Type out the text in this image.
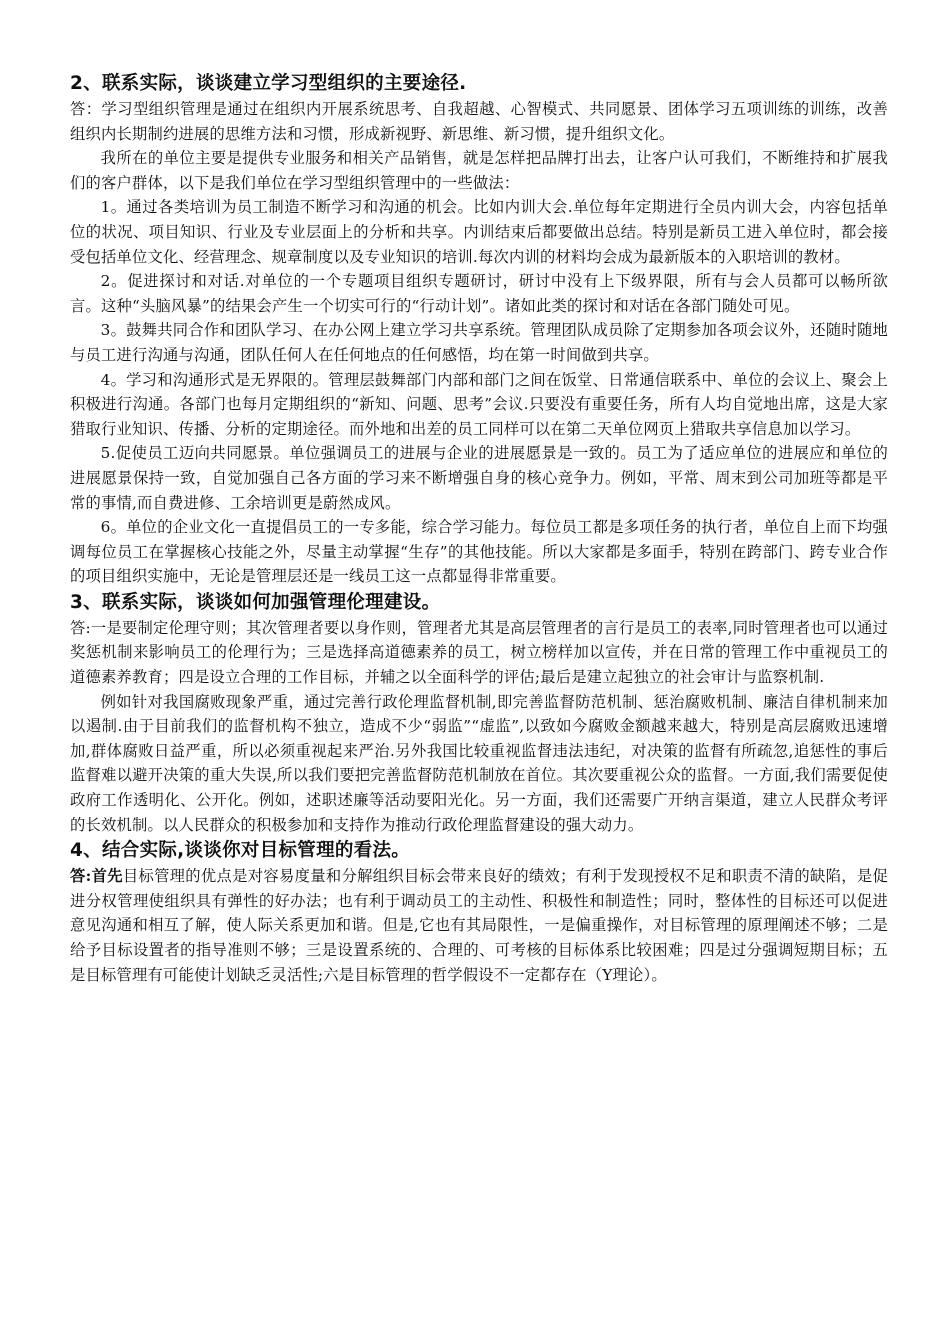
2、联系实际，谈谈建立学习型组织的主要途径.

答：学习型组织管理是通过在组织内开展系统思考、自我超越、心智模式、共同愿景、团体学习五项训练的训练，改善组织内长期制约进展的思维方法和习惯，形成新视野、新思维、新习惯，提升组织文化。

我所在的单位主要是提供专业服务和相关产品销售，就是怎样把品牌打出去，让客户认可我们，不断维持和扩展我们的客户群体，以下是我们单位在学习型组织管理中的一些做法：

1。通过各类培训为员工制造不断学习和沟通的机会。比如内训大会.单位每年定期进行全员内训大会，内容包括单位的状况、项目知识、行业及专业层面上的分析和共享。内训结束后都要做出总结。特别是新员工进入单位时，都会接受包括单位文化、经营理念、规章制度以及专业知识的培训.每次内训的材料均会成为最新版本的入职培训的教材。

2。促进探讨和对话.对单位的一个专题项目组织专题研讨，研讨中没有上下级界限，所有与会人员都可以畅所欲言。这种“头脑风暴”的结果会产生一个切实可行的“行动计划”。诸如此类的探讨和对话在各部门随处可见。

3。鼓舞共同合作和团队学习、在办公网上建立学习共享系统。管理团队成员除了定期参加各项会议外，还随时随地与员工进行沟通与沟通，团队任何人在任何地点的任何感悟，均在第一时间做到共享。

4。学习和沟通形式是无界限的。管理层鼓舞部门内部和部门之间在饭堂、日常通信联系中、单位的会议上、聚会上积极进行沟通。各部门也每月定期组织的“新知、问题、思考”会议.只要没有重要任务，所有人均自觉地出席，这是大家猎取行业知识、传播、分析的定期途径。而外地和出差的员工同样可以在第二天单位网页上猎取共享信息加以学习。

5.促使员工迈向共同愿景。单位强调员工的进展与企业的进展愿景是一致的。员工为了适应单位的进展应和单位的进展愿景保持一致，自觉加强自己各方面的学习来不断增强自身的核心竞争力。例如，平常、周末到公司加班等都是平常的事情,而自费进修、工余培训更是蔚然成风。

6。单位的企业文化一直提倡员工的一专多能，综合学习能力。每位员工都是多项任务的执行者，单位自上而下均强调每位员工在掌握核心技能之外，尽量主动掌握“生存”的其他技能。所以大家都是多面手，特别在跨部门、跨专业合作的项目组织实施中，无论是管理层还是一线员工这一点都显得非常重要。

3、联系实际，谈谈如何加强管理伦理建设。

答:一是要制定伦理守则；其次管理者要以身作则，管理者尤其是高层管理者的言行是员工的表率,同时管理者也可以通过奖惩机制来影响员工的伦理行为；三是选择高道德素养的员工，树立榜样加以宣传，并在日常的管理工作中重视员工的道德素养教育；四是设立合理的工作目标，并辅之以全面科学的评估;最后是建立起独立的社会审计与监察机制.

例如针对我国腐败现象严重，通过完善行政伦理监督机制,即完善监督防范机制、惩治腐败机制、廉洁自律机制来加以遏制.由于目前我们的监督机构不独立，造成不少“弱监”“虚监”,以致如今腐败金额越来越大，特别是高层腐败迅速增加,群体腐败日益严重，所以必须重视起来严治.另外我国比较重视监督违法违纪，对决策的监督有所疏忽,追惩性的事后监督难以避开决策的重大失误,所以我们要把完善监督防范机制放在首位。其次要重视公众的监督。一方面,我们需要促使政府工作透明化、公开化。例如，述职述廉等活动要阳光化。另一方面，我们还需要广开纳言渠道，建立人民群众考评的长效机制。以人民群众的积极参加和支持作为推动行政伦理监督建设的强大动力。

4、结合实际,谈谈你对目标管理的看法。

答:首先目标管理的优点是对容易度量和分解组织目标会带来良好的绩效；有利于发现授权不足和职责不清的缺陷，是促进分权管理使组织具有弹性的好办法；也有利于调动员工的主动性、积极性和制造性；同时，整体性的目标还可以促进意见沟通和相互了解，使人际关系更加和谐。但是,它也有其局限性，一是偏重操作，对目标管理的原理阐述不够；二是给予目标设置者的指导准则不够；三是设置系统的、合理的、可考核的目标体系比较困难；四是过分强调短期目标；五是目标管理有可能使计划缺乏灵活性;六是目标管理的哲学假设不一定都存在（Y理论）。
